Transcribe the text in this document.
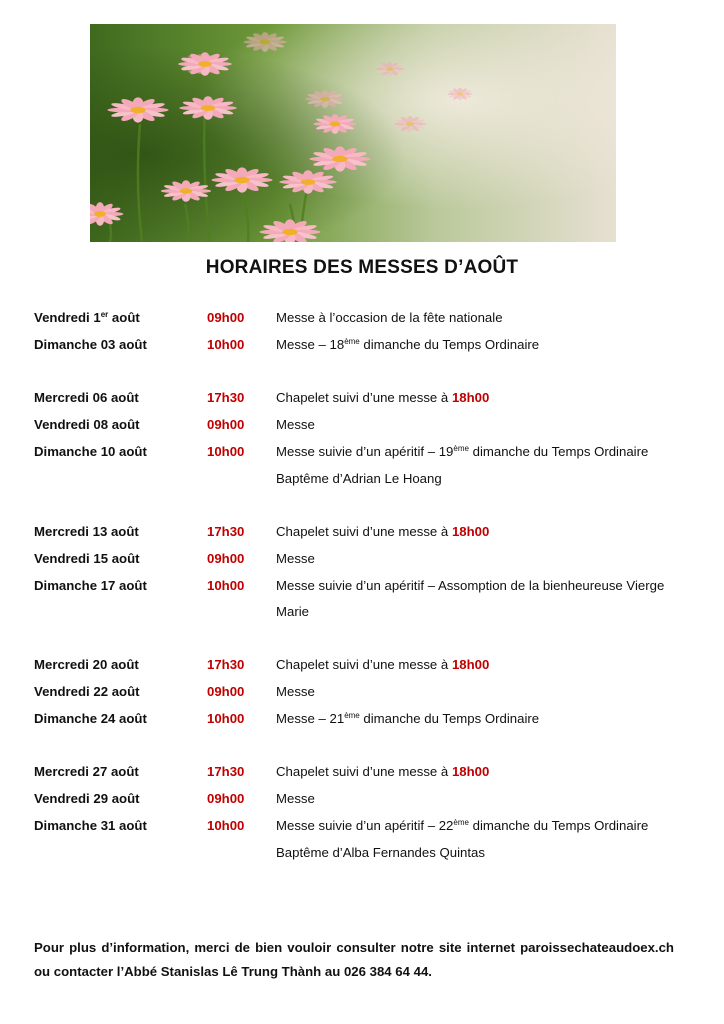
HORAIRES DES MESSES D’AOÛT
Vendredi 1er août	09h00 Messe à l’occasion de la fête nationale
Dimanche 03 août	10h00 Messe – 18ème dimanche du Temps Ordinaire
Mercredi 06 août	17h30 Chapelet suivi d’une messe à 18h00
Vendredi 08 août	09h00 Messe
Dimanche 10 août	10h00 Messe suivie d’un apéritif – 19ème dimanche du Temps Ordinaire
Baptême d’Adrian Le Hoang
Mercredi 13 août	17h30 Chapelet suivi d’une messe à 18h00
Vendredi 15 août	09h00 Messe
Dimanche 17 août	10h00 Messe suivie d’un apéritif – Assomption de la bienheureuse Vierge
Marie
Mercredi 20 août	17h30 Chapelet suivi d’une messe à 18h00
Vendredi 22 août	09h00 Messe
Dimanche 24 août	10h00 Messe – 21ème dimanche du Temps Ordinaire
Mercredi 27 août	17h30 Chapelet suivi d’une messe à 18h00
Vendredi 29 août	09h00 Messe
Dimanche 31 août	10h00 Messe suivie d’un apéritif – 22ème dimanche du Temps Ordinaire
Baptême d’Alba Fernandes Quintas
Pour plus d’information, merci de bien vouloir consulter notre site internet paroissechateaudoex.ch ou contacter l’Abbé Stanislas Lê Trung Thành au 026 384 64 44.
